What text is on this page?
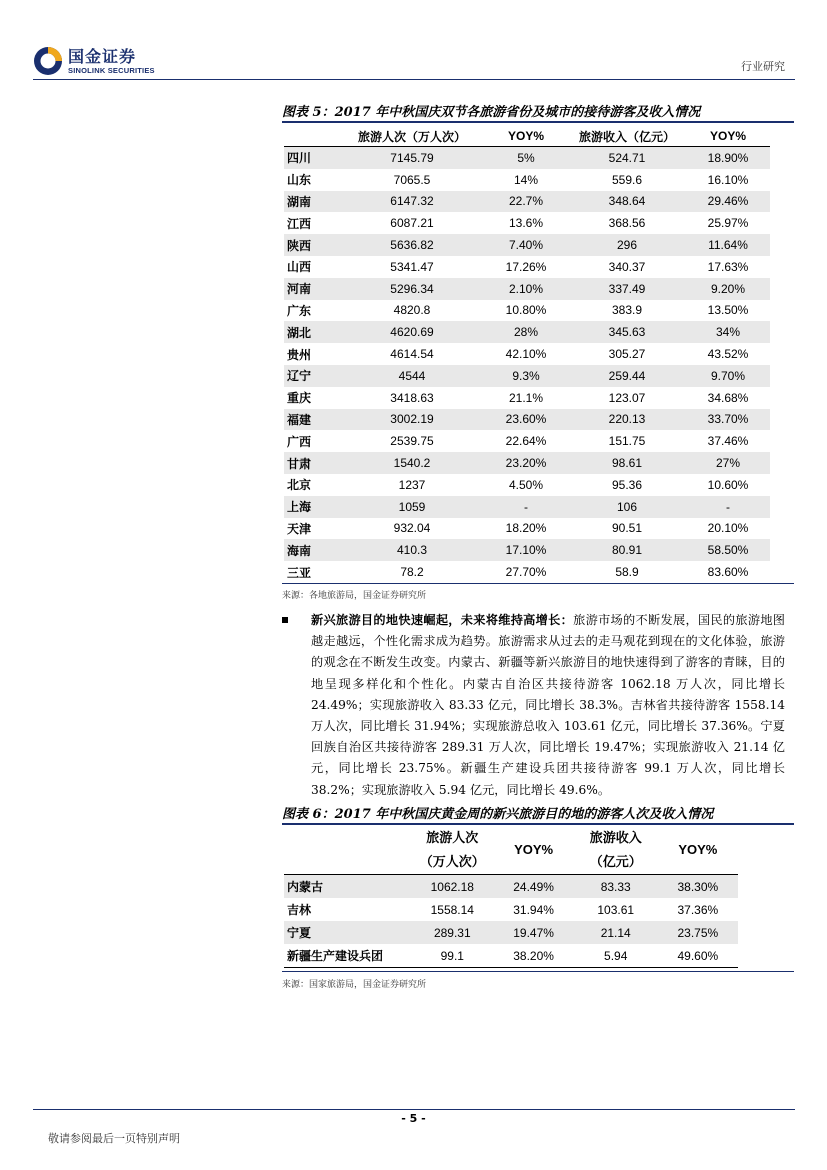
国金证券
SINOLINK SECURITIES	行业研究
图表 5：2017 年中秋国庆双节各旅游省份及城市的接待游客及收入情况
	旅游人次（万人次）	YOY%	旅游收入（亿元）	YOY%
四川	7145.79	5%	524.71	18.90%
山东	7065.5	14%	559.6	16.10%
湖南	6147.32	22.7%	348.64	29.46%
江西	6087.21	13.6%	368.56	25.97%
陕西	5636.82	7.40%	296	11.64%
山西	5341.47	17.26%	340.37	17.63%
河南	5296.34	2.10%	337.49	9.20%
广东	4820.8	10.80%	383.9	13.50%
湖北	4620.69	28%	345.63	34%
贵州	4614.54	42.10%	305.27	43.52%
辽宁	4544	9.3%	259.44	9.70%
重庆	3418.63	21.1%	123.07	34.68%
福建	3002.19	23.60%	220.13	33.70%
广西	2539.75	22.64%	151.75	37.46%
甘肃	1540.2	23.20%	98.61	27%
北京	1237	4.50%	95.36	10.60%
上海	1059	-	106	-
天津	932.04	18.20%	90.51	20.10%
海南	410.3	17.10%	80.91	58.50%
三亚	78.2	27.70%	58.9	83.60%
来源：各地旅游局，国金证券研究所
新兴旅游目的地快速崛起，未来将维持高增长：旅游市场的不断发展，国民的旅游地图越走越远，个性化需求成为趋势。旅游需求从过去的走马观花到现在的文化体验，旅游的观念在不断发生改变。内蒙古、新疆等新兴旅游目的地快速得到了游客的青睐，目的地呈现多样化和个性化。内蒙古自治区共接待游客 1062.18 万人次，同比增长 24.49%；实现旅游收入 83.33 亿元，同比增长 38.3%。吉林省共接待游客 1558.14 万人次，同比增长 31.94%；实现旅游总收入 103.61 亿元，同比增长 37.36%。宁夏回族自治区共接待游客 289.31 万人次，同比增长 19.47%；实现旅游收入 21.14 亿元，同比增长 23.75%。新疆生产建设兵团共接待游客 99.1 万人次，同比增长 38.2%；实现旅游收入 5.94 亿元，同比增长 49.6%。
图表 6：2017 年中秋国庆黄金周的新兴旅游目的地的游客人次及收入情况
	旅游人次（万人次）	YOY%	旅游收入（亿元）	YOY%
内蒙古	1062.18	24.49%	83.33	38.30%
吉林	1558.14	31.94%	103.61	37.36%
宁夏	289.31	19.47%	21.14	23.75%
新疆生产建设兵团	99.1	38.20%	5.94	49.60%
来源：国家旅游局，国金证券研究所
- 5 -
敬请参阅最后一页特别声明
